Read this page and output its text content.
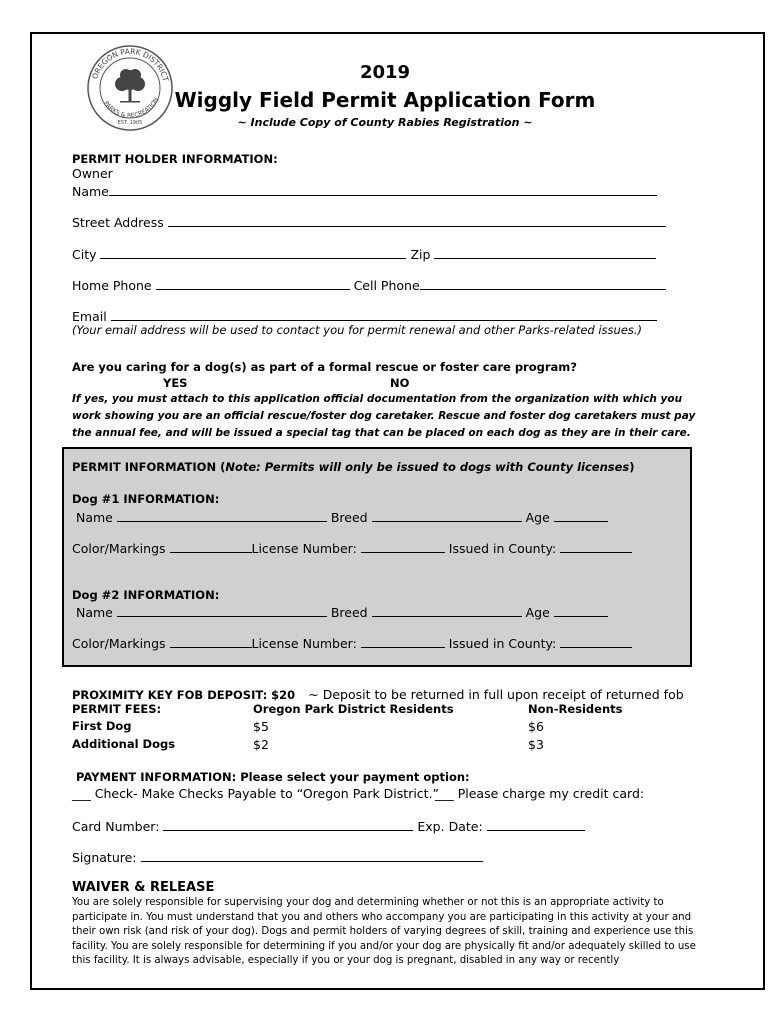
OREGON PARK DISTRICT
PARKS & RECREATION
EST. 1905
2019
Wiggly Field Permit Application Form
~ Include Copy of County Rabies Registration ~
PERMIT HOLDER INFORMATION:
Owner
Name
Street Address
City	Zip
Home Phone	Cell Phone
Email
(Your email address will be used to contact you for permit renewal and other Parks-related issues.)
Are you caring for a dog(s) as part of a formal rescue or foster care program?
YES	NO
If yes, you must attach to this application official documentation from the organization with which you work showing you are an official rescue/foster dog caretaker. Rescue and foster dog caretakers must pay the annual fee, and will be issued a special tag that can be placed on each dog as they are in their care.
PERMIT INFORMATION (Note: Permits will only be issued to dogs with County licenses)
Dog #1 INFORMATION:
Name	Breed	Age
Color/Markings	License Number:	Issued in County:
Dog #2 INFORMATION:
Name	Breed	Age
Color/Markings	License Number:	Issued in County:
PROXIMITY KEY FOB DEPOSIT: $20 ~ Deposit to be returned in full upon receipt of returned fob
PERMIT FEES:	Oregon Park District Residents	Non-Residents
First Dog	$5	$6
Additional Dogs	$2	$3
PAYMENT INFORMATION: Please select your payment option:
___ Check- Make Checks Payable to “Oregon Park District.”
___ Please charge my credit card:
Card Number:	Exp. Date:
Signature:
WAIVER & RELEASE
You are solely responsible for supervising your dog and determining whether or not this is an appropriate activity to participate in. You must understand that you and others who accompany you are participating in this activity at your and their own risk (and risk of your dog). Dogs and permit holders of varying degrees of skill, training and experience use this facility. You are solely responsible for determining if you and/or your dog are physically fit and/or adequately skilled to use this facility. It is always advisable, especially if you or your dog is pregnant, disabled in any way or recently
